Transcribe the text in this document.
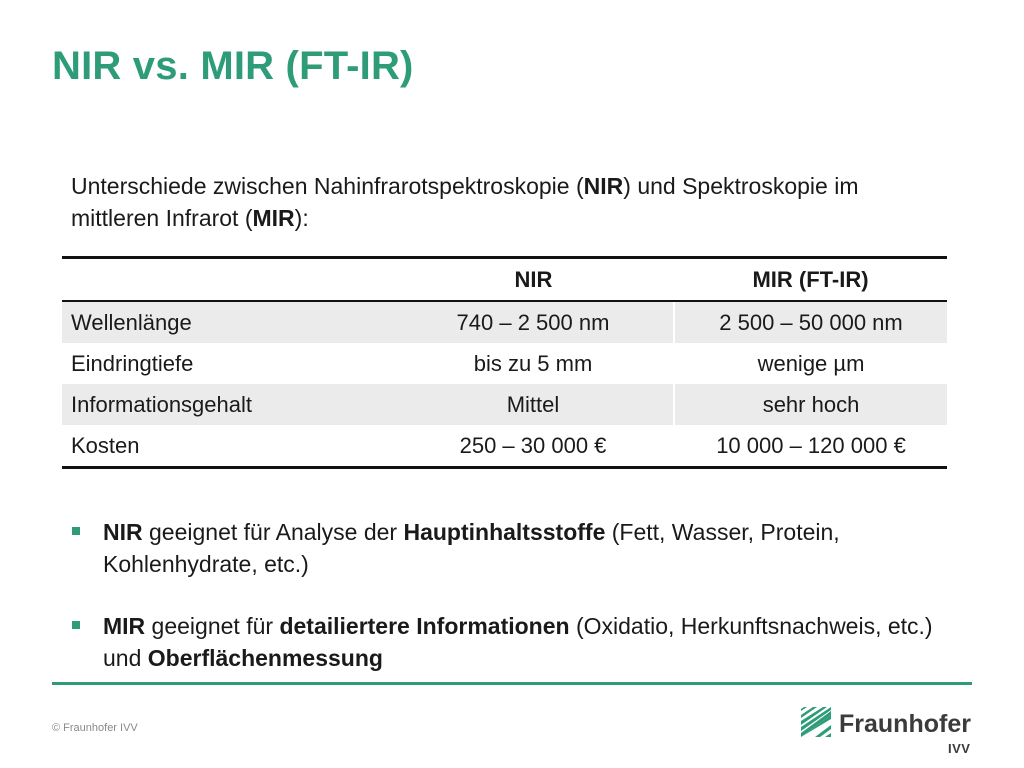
NIR vs. MIR (FT-IR)
Unterschiede zwischen Nahinfrarotspektroskopie (NIR) und Spektroskopie im mittleren Infrarot (MIR):
	NIR	MIR (FT-IR)
Wellenlänge	740 – 2 500 nm	2 500 – 50 000 nm
Eindringtiefe	bis zu 5 mm	wenige µm
Informationsgehalt	Mittel	sehr hoch
Kosten	250 – 30 000 €	10 000 – 120 000 €
NIR geeignet für Analyse der Hauptinhaltsstoffe (Fett, Wasser, Protein, Kohlenhydrate, etc.)
MIR geeignet für detailiertere Informationen (Oxidatio, Herkunftsnachweis, etc.) und Oberflächenmessung
© Fraunhofer IVV	Fraunhofer
IVV
